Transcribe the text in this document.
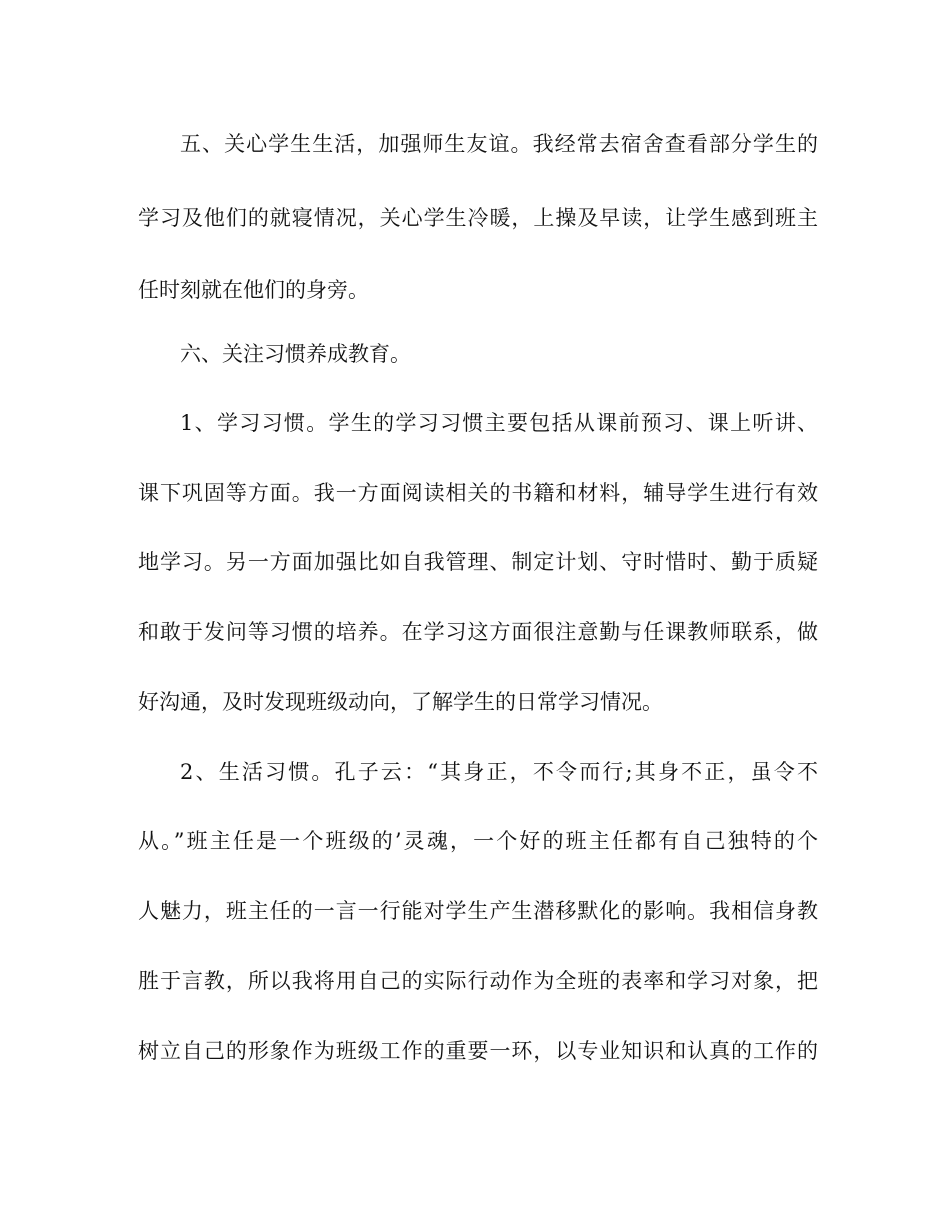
五、关心学生生活，加强师生友谊。我经常去宿舍查看部分学生的
学习及他们的就寝情况，关心学生冷暖，上操及早读，让学生感到班主
任时刻就在他们的身旁。
六、关注习惯养成教育。
1、学习习惯。学生的学习习惯主要包括从课前预习、课上听讲、
课下巩固等方面。我一方面阅读相关的书籍和材料，辅导学生进行有效
地学习。另一方面加强比如自我管理、制定计划、守时惜时、勤于质疑
和敢于发问等习惯的培养。在学习这方面很注意勤与任课教师联系，做
好沟通，及时发现班级动向，了解学生的日常学习情况。
2、生活习惯。孔子云：“其身正，不令而行;其身不正，虽令不
从。”班主任是一个班级的’灵魂，一个好的班主任都有自己独特的个
人魅力，班主任的一言一行能对学生产生潜移默化的影响。我相信身教
胜于言教，所以我将用自己的实际行动作为全班的表率和学习对象，把
树立自己的形象作为班级工作的重要一环，以专业知识和认真的工作的
